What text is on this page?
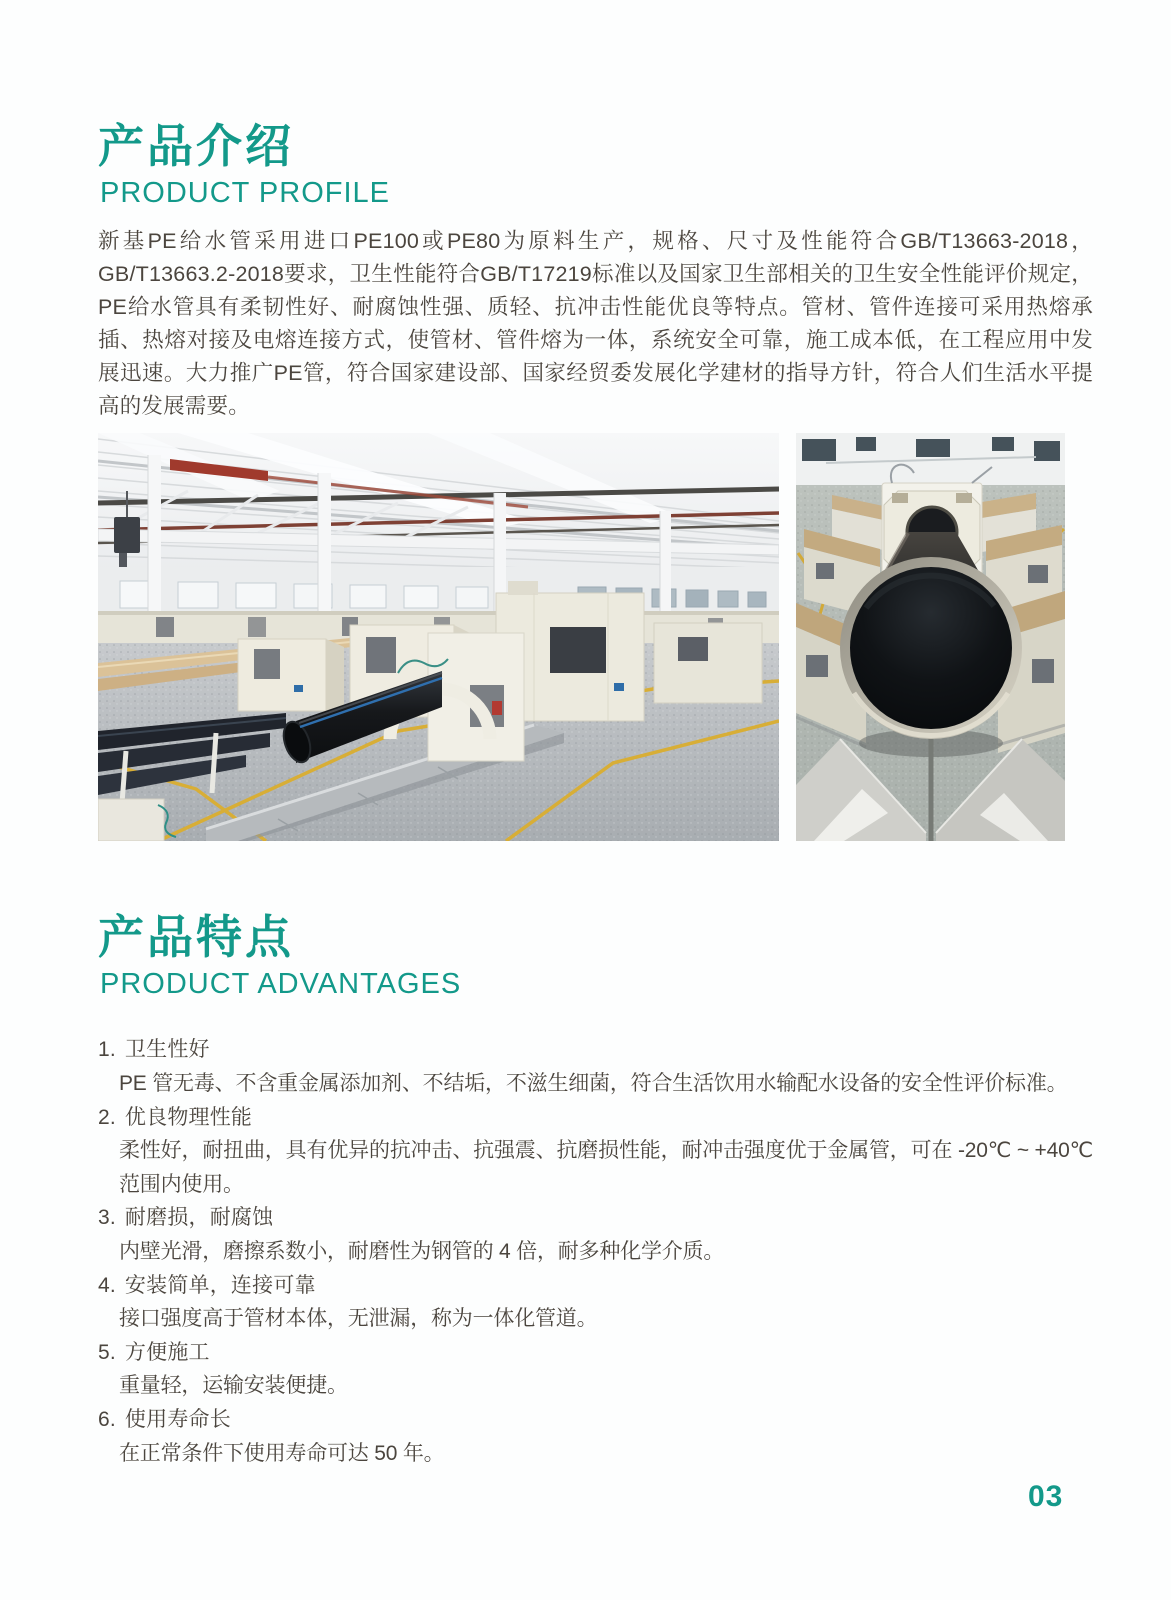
产品介绍
PRODUCT PROFILE

新基PE给水管采用进口PE100或PE80为原料生产，规格、尺寸及性能符合GB/T13663-2018，GB/T13663.2-2018要求，卫生性能符合GB/T17219标准以及国家卫生部相关的卫生安全性能评价规定，PE给水管具有柔韧性好、耐腐蚀性强、质轻、抗冲击性能优良等特点。管材、管件连接可采用热熔承插、热熔对接及电熔连接方式，使管材、管件熔为一体，系统安全可靠，施工成本低，在工程应用中发展迅速。大力推广PE管，符合国家建设部、国家经贸委发展化学建材的指导方针，符合人们生活水平提高的发展需要。

产品特点
PRODUCT ADVANTAGES
1. 卫生性好
PE 管无毒、不含重金属添加剂、不结垢，不滋生细菌，符合生活饮用水输配水设备的安全性评价标准。
2. 优良物理性能
柔性好，耐扭曲，具有优异的抗冲击、抗强震、抗磨损性能，耐冲击强度优于金属管，可在 -20℃ ~ +40℃范围内使用。
3. 耐磨损，耐腐蚀
内壁光滑，磨擦系数小，耐磨性为钢管的 4 倍，耐多种化学介质。
4. 安装简单，连接可靠
接口强度高于管材本体，无泄漏，称为一体化管道。
5. 方便施工
重量轻，运输安装便捷。
6. 使用寿命长
在正常条件下使用寿命可达 50 年。
03
